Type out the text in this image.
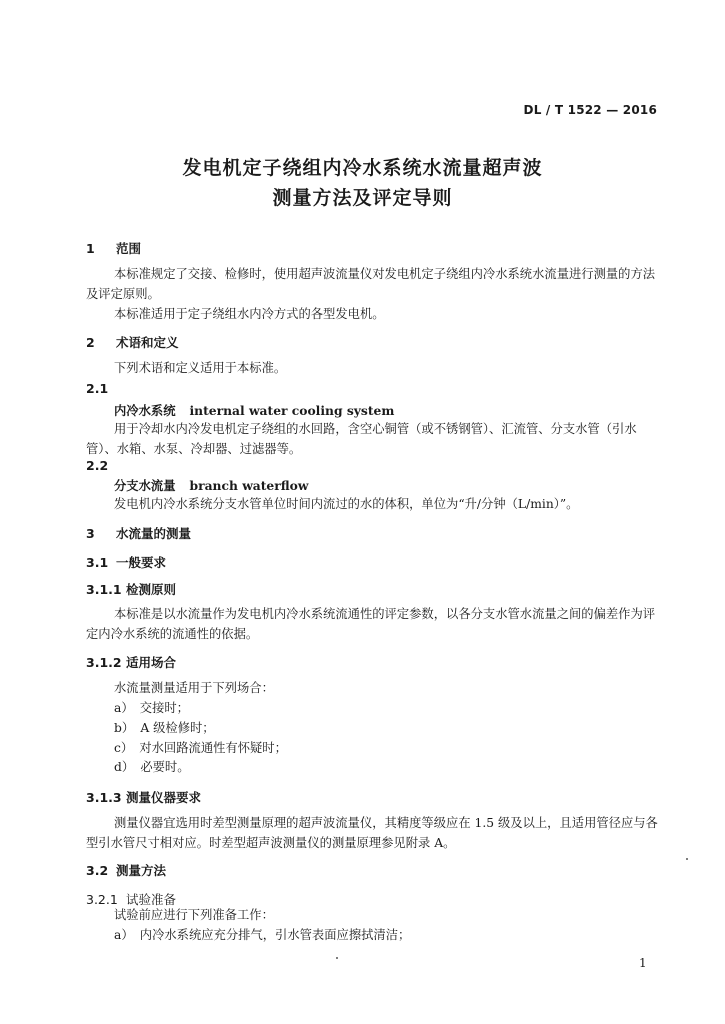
DL / T 1522 — 2016
发电机定子绕组内冷水系统水流量超声波
测量方法及评定导则
1 范围
本标准规定了交接、检修时，使用超声波流量仪对发电机定子绕组内冷水系统水流量进行测量的方法及评定原则。
本标准适用于定子绕组水内冷方式的各型发电机。
2 术语和定义
下列术语和定义适用于本标准。
2.1
内冷水系统 internal water cooling system
用于冷却水内冷发电机定子绕组的水回路，含空心铜管（或不锈钢管）、汇流管、分支水管（引水管）、水箱、水泵、冷却器、过滤器等。
2.2
分支水流量 branch waterflow
发电机内冷水系统分支水管单位时间内流过的水的体积，单位为“升/分钟（L/min）”。
3 水流量的测量
3.1 一般要求
3.1.1 检测原则
本标准是以水流量作为发电机内冷水系统流通性的评定参数，以各分支水管水流量之间的偏差作为评定内冷水系统的流通性的依据。
3.1.2 适用场合
水流量测量适用于下列场合：
a）　交接时；
b）　A 级检修时；
c）　对水回路流通性有怀疑时；
d）　必要时。
3.1.3 测量仪器要求
测量仪器宜选用时差型测量原理的超声波流量仪，其精度等级应在 1.5 级及以上，且适用管径应与各型引水管尺寸相对应。时差型超声波测量仪的测量原理参见附录 A。
3.2 测量方法
3.2.1 试验准备
试验前应进行下列准备工作：
a）　内冷水系统应充分排气，引水管表面应擦拭清洁；
1
